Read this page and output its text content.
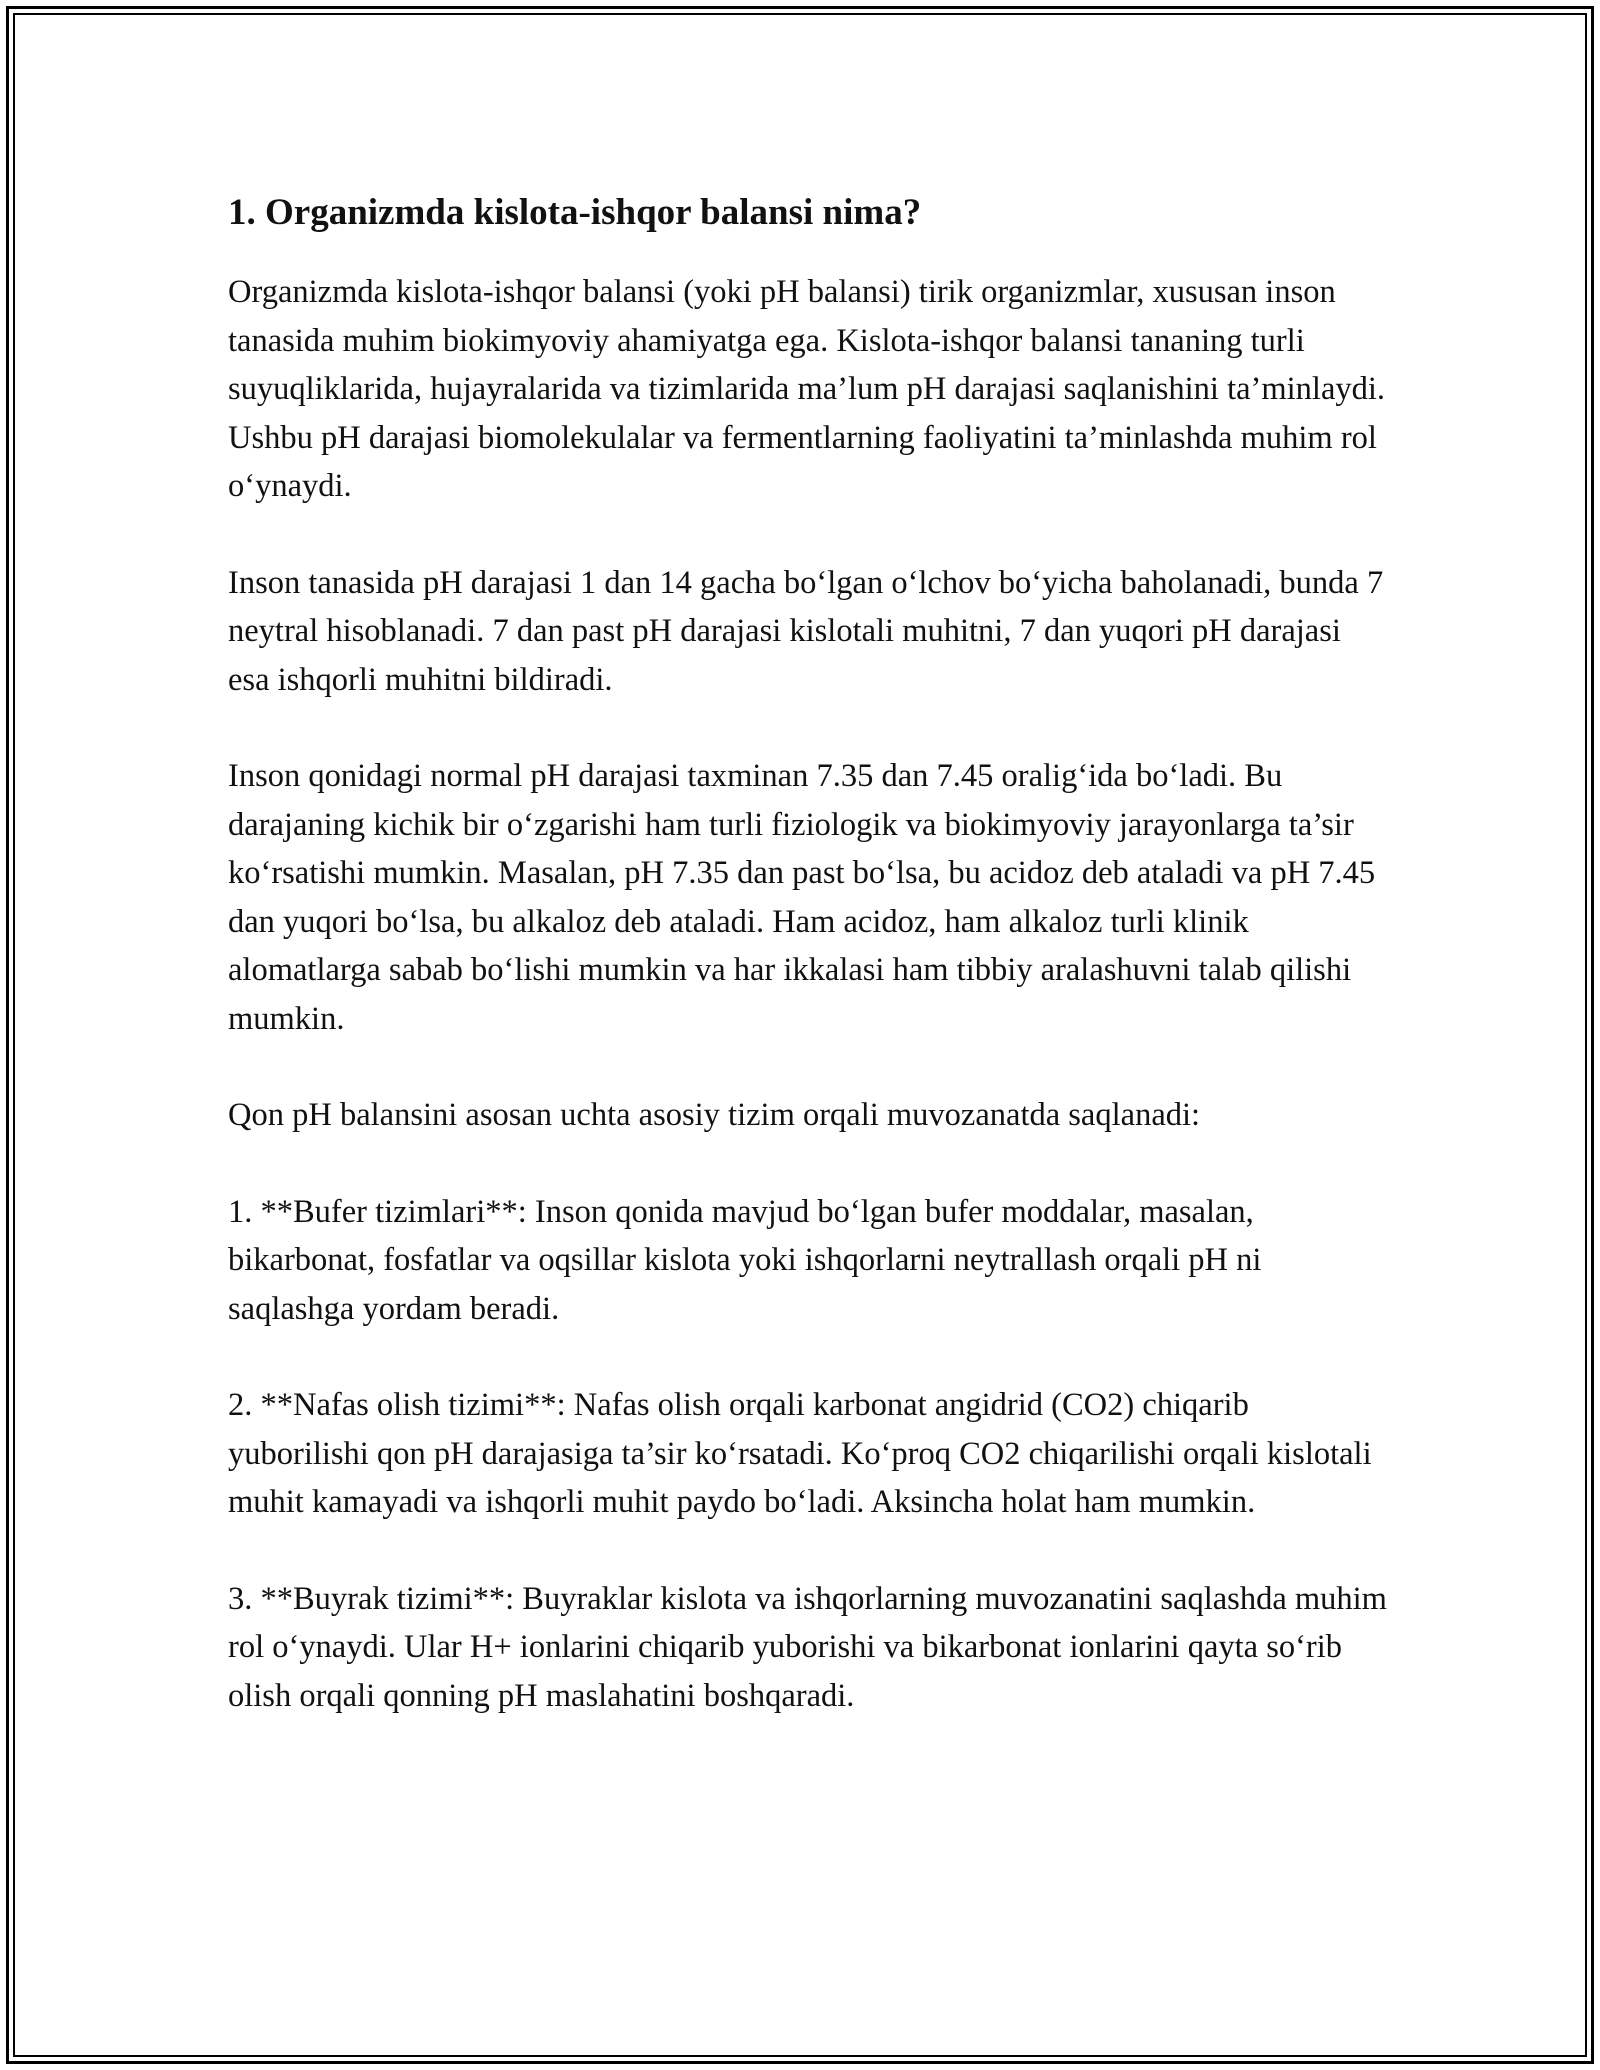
1. Organizmda kislota-ishqor balansi nima?

Organizmda kislota-ishqor balansi (yoki pH balansi) tirik organizmlar, xususan inson tanasida muhim biokimyoviy ahamiyatga ega. Kislota-ishqor balansi tananing turli suyuqliklarida, hujayralarida va tizimlarida ma’lum pH darajasi saqlanishini ta’minlaydi. Ushbu pH darajasi biomolekulalar va fermentlarning faoliyatini ta’minlashda muhim rol o‘ynaydi.

Inson tanasida pH darajasi 1 dan 14 gacha bo‘lgan o‘lchov bo‘yicha baholanadi, bunda 7 neytral hisoblanadi. 7 dan past pH darajasi kislotali muhitni, 7 dan yuqori pH darajasi esa ishqorli muhitni bildiradi.

Inson qonidagi normal pH darajasi taxminan 7.35 dan 7.45 oralig‘ida bo‘ladi. Bu darajaning kichik bir o‘zgarishi ham turli fiziologik va biokimyoviy jarayonlarga ta’sir ko‘rsatishi mumkin. Masalan, pH 7.35 dan past bo‘lsa, bu acidoz deb ataladi va pH 7.45 dan yuqori bo‘lsa, bu alkaloz deb ataladi. Ham acidoz, ham alkaloz turli klinik alomatlarga sabab bo‘lishi mumkin va har ikkalasi ham tibbiy aralashuvni talab qilishi mumkin.

Qon pH balansini asosan uchta asosiy tizim orqali muvozanatda saqlanadi:

1. **Bufer tizimlari**: Inson qonida mavjud bo‘lgan bufer moddalar, masalan, bikarbonat, fosfatlar va oqsillar kislota yoki ishqorlarni neytrallash orqali pH ni saqlashga yordam beradi.

2. **Nafas olish tizimi**: Nafas olish orqali karbonat angidrid (CO2) chiqarib yuborilishi qon pH darajasiga ta’sir ko‘rsatadi. Ko‘proq CO2 chiqarilishi orqali kislotali muhit kamayadi va ishqorli muhit paydo bo‘ladi. Aksincha holat ham mumkin.

3. **Buyrak tizimi**: Buyraklar kislota va ishqorlarning muvozanatini saqlashda muhim rol o‘ynaydi. Ular H+ ionlarini chiqarib yuborishi va bikarbonat ionlarini qayta so‘rib olish orqali qonning pH maslahatini boshqaradi.
